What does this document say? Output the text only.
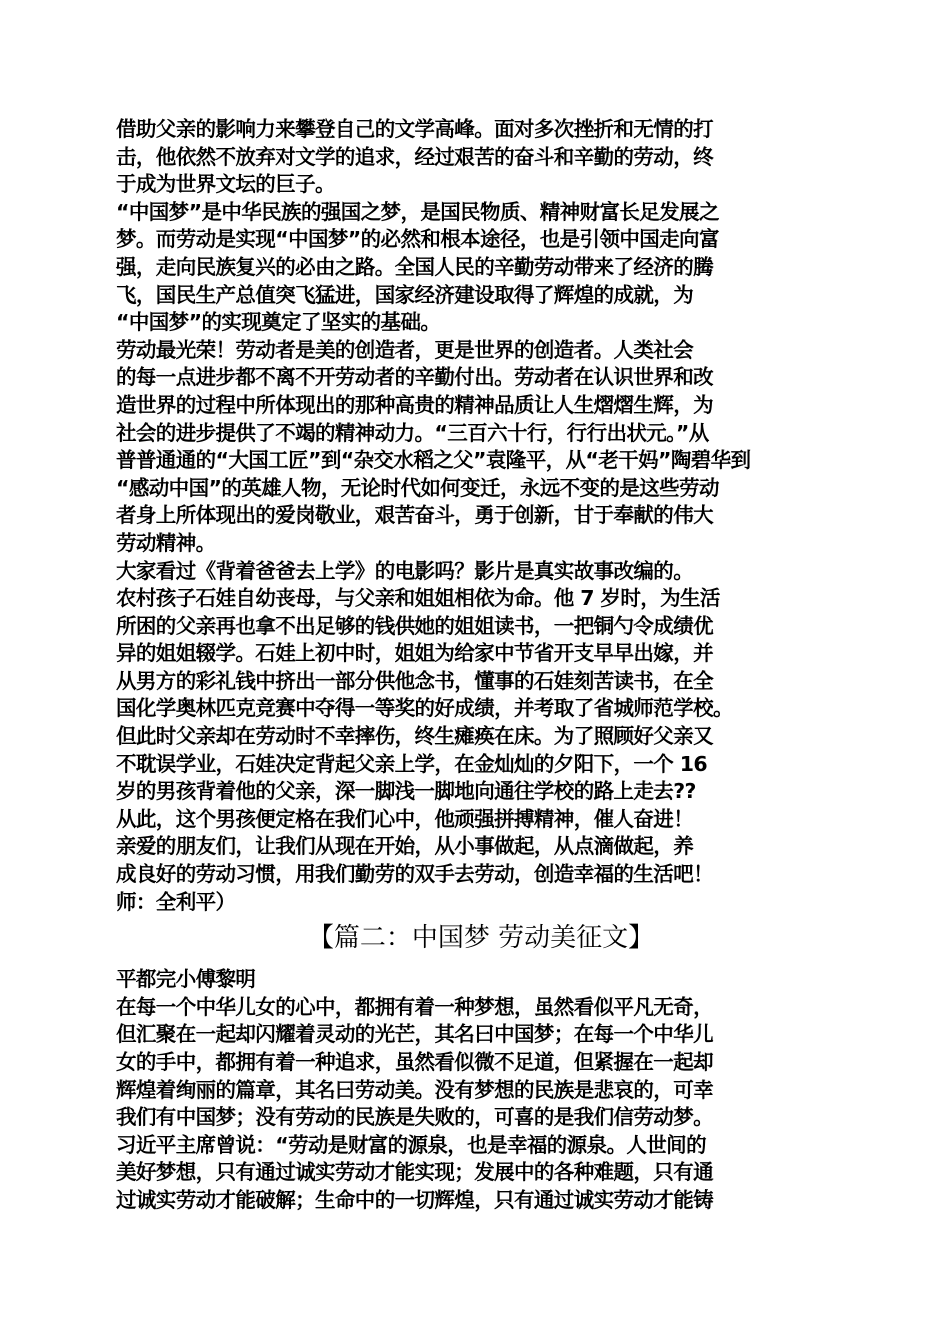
借助父亲的影响力来攀登自己的文学高峰。面对多次挫折和无情的打
击，他依然不放弃对文学的追求，经过艰苦的奋斗和辛勤的劳动，终
于成为世界文坛的巨子。
“中国梦”是中华民族的强国之梦，是国民物质、精神财富长足发展之
梦。而劳动是实现“中国梦”的必然和根本途径，也是引领中国走向富
强，走向民族复兴的必由之路。全国人民的辛勤劳动带来了经济的腾
飞，国民生产总值突飞猛进，国家经济建设取得了辉煌的成就，为
“中国梦”的实现奠定了坚实的基础。
劳动最光荣！劳动者是美的创造者，更是世界的创造者。人类社会
的每一点进步都不离不开劳动者的辛勤付出。劳动者在认识世界和改
造世界的过程中所体现出的那种高贵的精神品质让人生熠熠生辉，为
社会的进步提供了不竭的精神动力。“三百六十行，行行出状元。”从
普普通通的“大国工匠”到“杂交水稻之父”袁隆平，从“老干妈”陶碧华到
“感动中国”的英雄人物，无论时代如何变迁，永远不变的是这些劳动
者身上所体现出的爱岗敬业，艰苦奋斗，勇于创新，甘于奉献的伟大
劳动精神。
大家看过《背着爸爸去上学》的电影吗？影片是真实故事改编的。
农村孩子石娃自幼丧母，与父亲和姐姐相依为命。他 7 岁时，为生活
所困的父亲再也拿不出足够的钱供她的姐姐读书，一把铜勺令成绩优
异的姐姐辍学。石娃上初中时，姐姐为给家中节省开支早早出嫁，并
从男方的彩礼钱中挤出一部分供他念书，懂事的石娃刻苦读书，在全
国化学奥林匹克竞赛中夺得一等奖的好成绩，并考取了省城师范学校。
但此时父亲却在劳动时不幸摔伤，终生瘫痪在床。为了照顾好父亲又
不耽误学业，石娃决定背起父亲上学，在金灿灿的夕阳下，一个 16
岁的男孩背着他的父亲，深一脚浅一脚地向通往学校的路上走去??
从此，这个男孩便定格在我们心中，他顽强拼搏精神，催人奋进！
亲爱的朋友们，让我们从现在开始，从小事做起，从点滴做起，养
成良好的劳动习惯，用我们勤劳的双手去劳动，创造幸福的生活吧！
师：全利平）
【篇二：中国梦 劳动美征文】
平都完小傅黎明
在每一个中华儿女的心中，都拥有着一种梦想，虽然看似平凡无奇，
但汇聚在一起却闪耀着灵动的光芒，其名曰中国梦；在每一个中华儿
女的手中，都拥有着一种追求，虽然看似微不足道，但紧握在一起却
辉煌着绚丽的篇章，其名曰劳动美。没有梦想的民族是悲哀的，可幸
我们有中国梦；没有劳动的民族是失败的，可喜的是我们信劳动梦。
习近平主席曾说：“劳动是财富的源泉，也是幸福的源泉。人世间的
美好梦想，只有通过诚实劳动才能实现；发展中的各种难题，只有通
过诚实劳动才能破解；生命中的一切辉煌，只有通过诚实劳动才能铸
